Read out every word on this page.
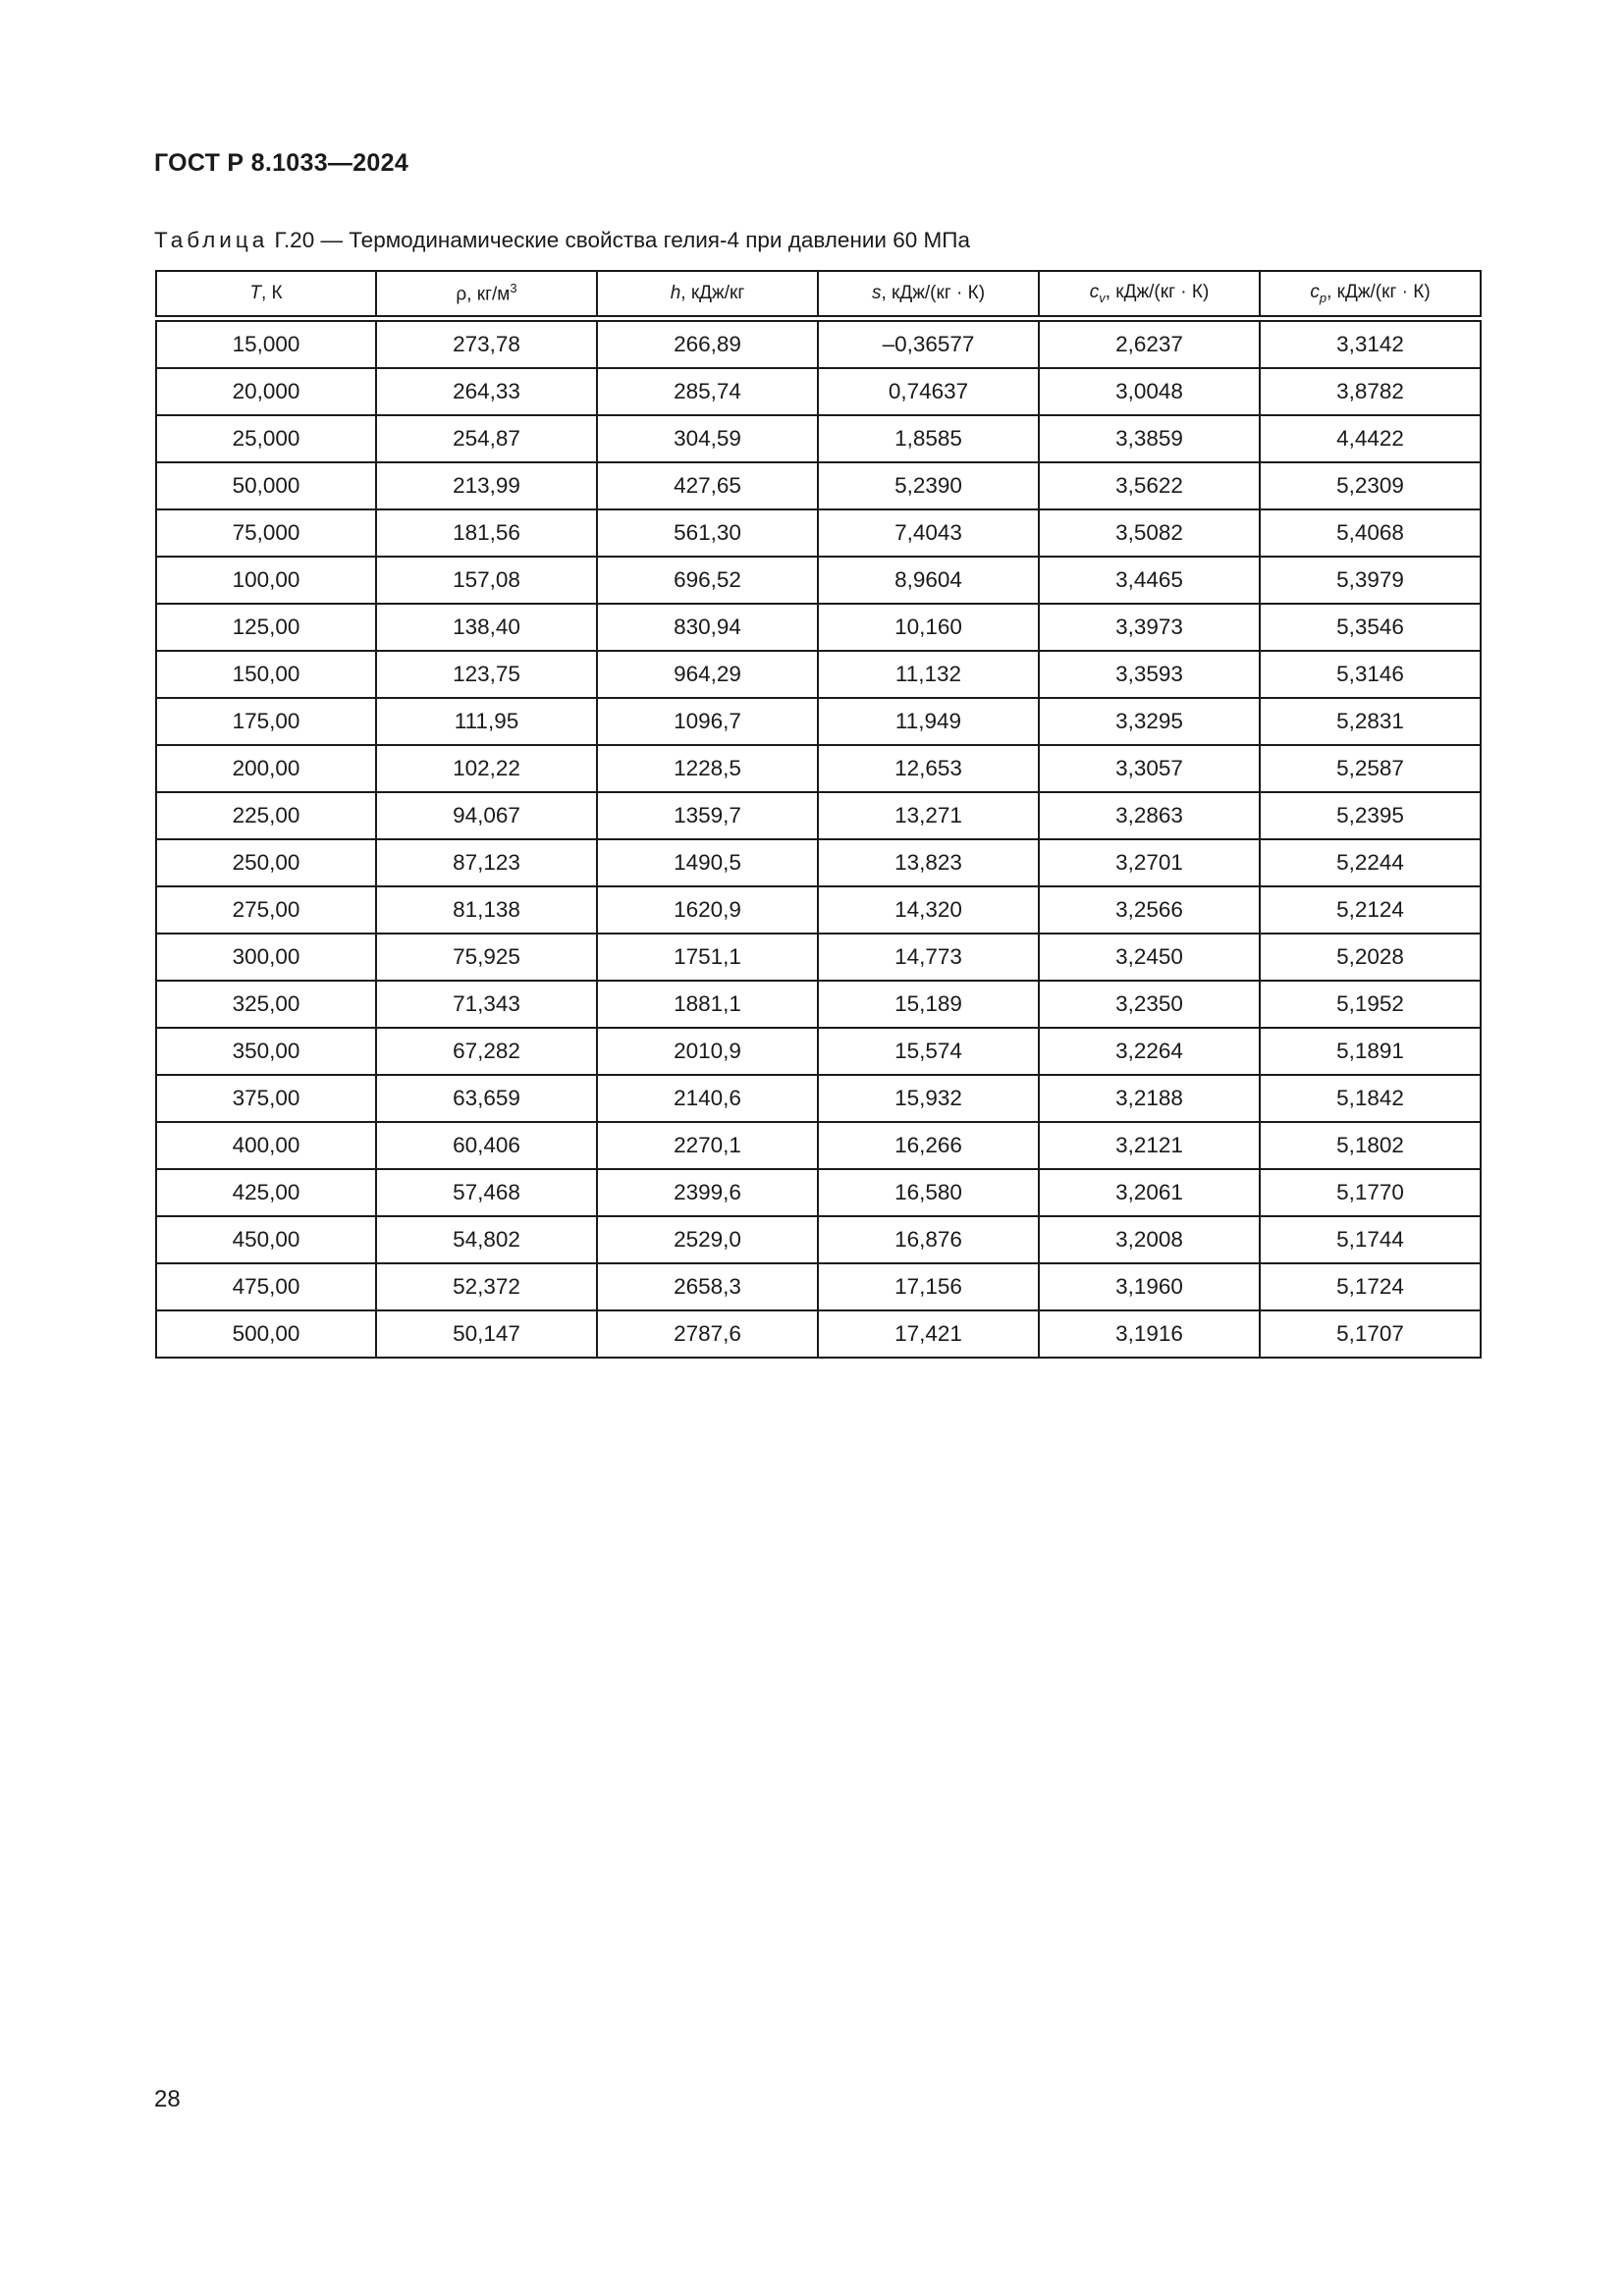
ГОСТ Р 8.1033—2024

Таблица Г.20 — Термодинамические свойства гелия-4 при давлении 60 МПа

T, К	ρ, $кг/м^3$	h, кДж/кг	s, кДж/(кг · К)	$c_v$, кДж/(кг · К)	$c_p$, кДж/(кг · К)
15,000	273,78	266,89	–0,36577	2,6237	3,3142
20,000	264,33	285,74	0,74637	3,0048	3,8782
25,000	254,87	304,59	1,8585	3,3859	4,4422
50,000	213,99	427,65	5,2390	3,5622	5,2309
75,000	181,56	561,30	7,4043	3,5082	5,4068
100,00	157,08	696,52	8,9604	3,4465	5,3979
125,00	138,40	830,94	10,160	3,3973	5,3546
150,00	123,75	964,29	11,132	3,3593	5,3146
175,00	111,95	1096,7	11,949	3,3295	5,2831
200,00	102,22	1228,5	12,653	3,3057	5,2587
225,00	94,067	1359,7	13,271	3,2863	5,2395
250,00	87,123	1490,5	13,823	3,2701	5,2244
275,00	81,138	1620,9	14,320	3,2566	5,2124
300,00	75,925	1751,1	14,773	3,2450	5,2028
325,00	71,343	1881,1	15,189	3,2350	5,1952
350,00	67,282	2010,9	15,574	3,2264	5,1891
375,00	63,659	2140,6	15,932	3,2188	5,1842
400,00	60,406	2270,1	16,266	3,2121	5,1802
425,00	57,468	2399,6	16,580	3,2061	5,1770
450,00	54,802	2529,0	16,876	3,2008	5,1744
475,00	52,372	2658,3	17,156	3,1960	5,1724
500,00	50,147	2787,6	17,421	3,1916	5,1707

28
